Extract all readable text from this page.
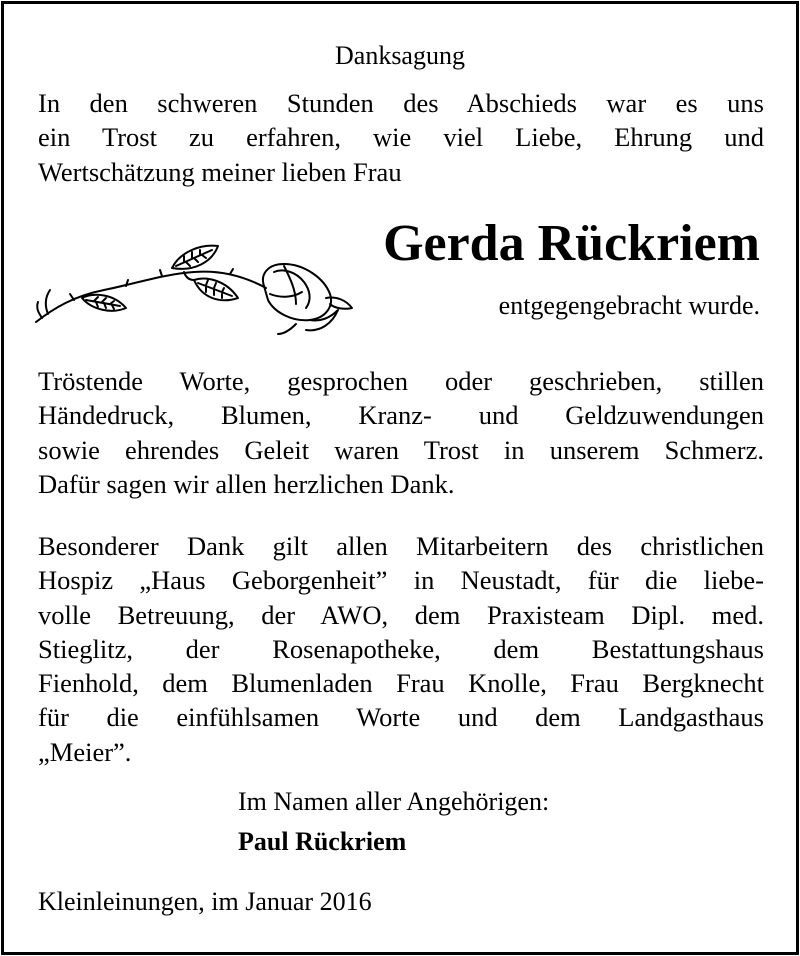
Danksagung
In den schweren Stunden des Abschieds war es uns
ein Trost zu erfahren, wie viel Liebe, Ehrung und
Wertschätzung meiner lieben Frau
Gerda Rückriem
entgegengebracht wurde.
Tröstende Worte, gesprochen oder geschrieben, stillen
Händedruck, Blumen, Kranz- und Geldzuwendungen
sowie ehrendes Geleit waren Trost in unserem Schmerz.
Dafür sagen wir allen herzlichen Dank.
Besonderer Dank gilt allen Mitarbeitern des christlichen
Hospiz „Haus Geborgenheit” in Neustadt, für die liebe-
volle Betreuung, der AWO, dem Praxisteam Dipl. med.
Stieglitz, der Rosenapotheke, dem Bestattungshaus
Fienhold, dem Blumenladen Frau Knolle, Frau Bergknecht
für die einfühlsamen Worte und dem Landgasthaus
„Meier”.
Im Namen aller Angehörigen:
Paul Rückriem
Kleinleinungen, im Januar 2016
